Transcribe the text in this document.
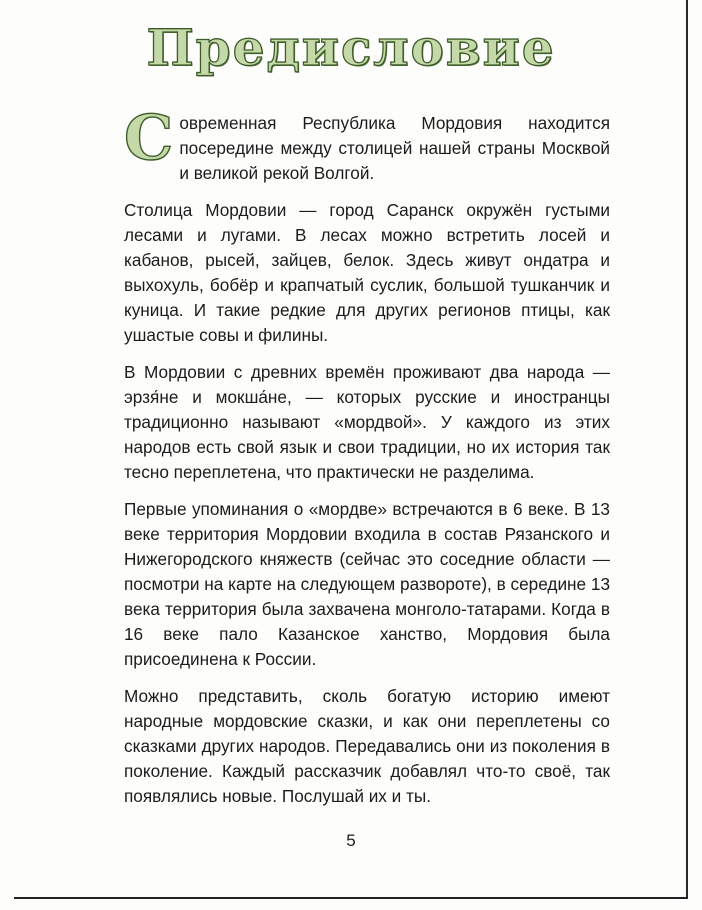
Предисловие

Современная Республика Мордовия находится посередине между столицей нашей страны Москвой и великой рекой Волгой.

Столица Мордовии — город Саранск окружён густыми лесами и лугами. В лесах можно встретить лосей и кабанов, рысей, зайцев, белок. Здесь живут ондатра и выхохуль, бобёр и крапчатый суслик, большой тушканчик и куница. И такие редкие для других регионов птицы, как ушастые совы и филины.

В Мордовии с древних времён проживают два народа — эрзя́не и мокша́не, — которых русские и иностранцы традиционно называют «мордвой». У каждого из этих народов есть свой язык и свои традиции, но их история так тесно переплетена, что практически не разделима.

Первые упоминания о «мордве» встречаются в 6 веке. В 13 веке территория Мордовии входила в состав Рязанского и Нижегородского княжеств (сейчас это соседние области — посмотри на карте на следующем развороте), в середине 13 века территория была захвачена монголо-татарами. Когда в 16 веке пало Казанское ханство, Мордовия была присоединена к России.

Можно представить, сколь богатую историю имеют народные мордовские сказки, и как они переплетены со сказками других народов. Передавались они из поколения в поколение. Каждый рассказчик добавлял что-то своё, так появлялись новые. Послушай их и ты.

5
